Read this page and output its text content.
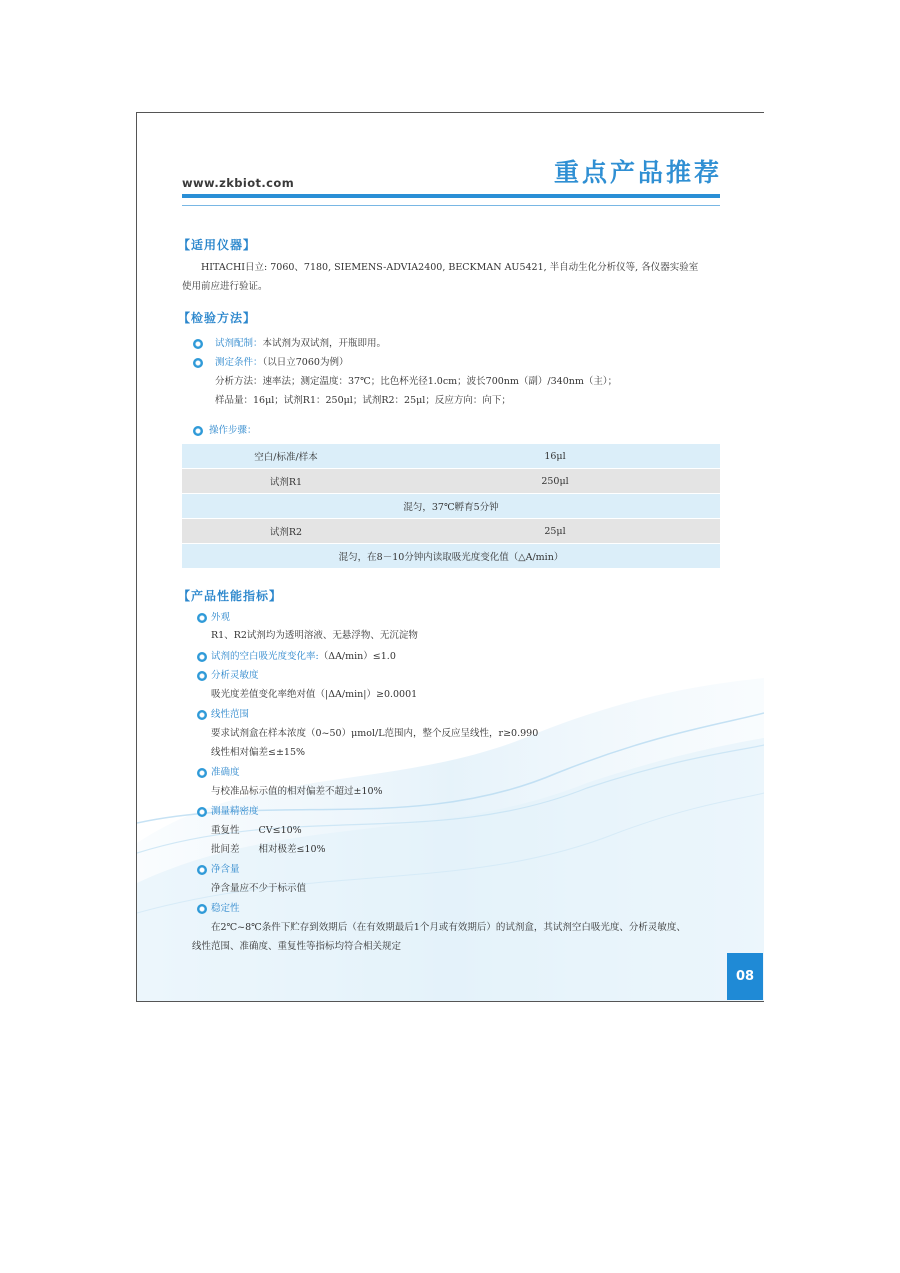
www.zkbiot.com	重点产品推荐
【适用仪器】
HITACHI日立: 7060、7180, SIEMENS-ADVIA2400, BECKMAN AU5421, 半自动生化分析仪等, 各仪器实验室
使用前应进行验证。
【检验方法】
试剂配制：本试剂为双试剂，开瓶即用。
测定条件：（以日立7060为例）
分析方法：速率法；测定温度：37℃；比色杯光径1.0cm；波长700nm（副）/340nm（主）；
样品量：16μl；试剂R1：250μl；试剂R2：25μl；反应方向：向下；
操作步骤：
空白/标准/样本	16μl
试剂R1	250μl
混匀，37℃孵育5分钟	
试剂R2	25μl
混匀，在8－10分钟内读取吸光度变化值（△A/min）	
【产品性能指标】
外观
R1、R2试剂均为透明溶液、无悬浮物、无沉淀物
试剂的空白吸光度变化率:（ΔA/min）≤1.0
分析灵敏度
吸光度差值变化率绝对值（|ΔA/min|）≥0.0001
线性范围
要求试剂盒在样本浓度（0~50）μmol/L范围内，整个反应呈线性，r≥0.990
线性相对偏差≤±15%
准确度
与校准品标示值的相对偏差不超过±10%
测量精密度
重复性　　CV≤10%
批间差　　相对极差≤10%
净含量
净含量应不少于标示值
稳定性
在2℃~8℃条件下贮存到效期后（在有效期最后1个月或有效期后）的试剂盒，其试剂空白吸光度、分析灵敏度、
线性范围、准确度、重复性等指标均符合相关规定
08
